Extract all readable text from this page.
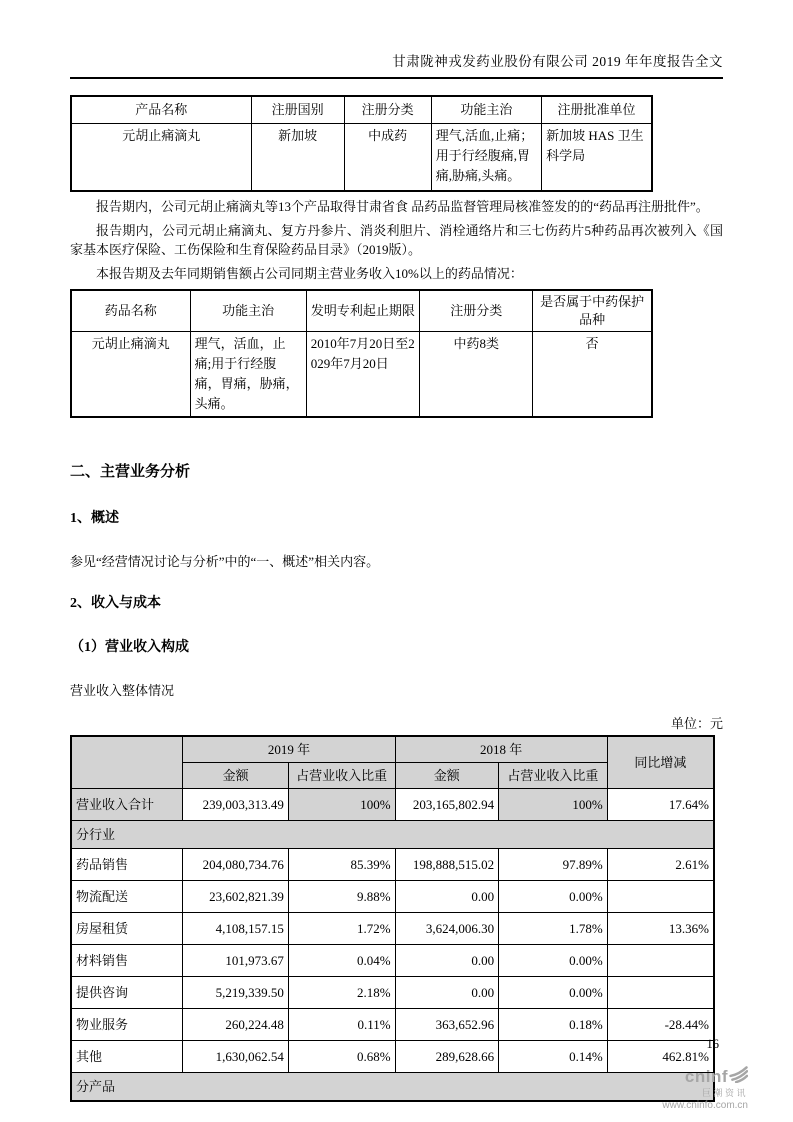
甘肃陇神戎发药业股份有限公司 2019 年年度报告全文
产品名称	注册国别	注册分类	功能主治	注册批准单位
元胡止痛滴丸	新加坡	中成药	理气,活血,止痛；用于行经腹痛,胃痛,胁痛,头痛。	新加坡 HAS 卫生科学局

报告期内，公司元胡止痛滴丸等13个产品取得甘肃省食 品药品监督管理局核准签发的的“药品再注册批件”。

报告期内，公司元胡止痛滴丸、复方丹参片、消炎利胆片、消栓通络片和三七伤药片5种药品再次被列入《国家基本医疗保险、工伤保险和生育保险药品目录》（2019版）。

本报告期及去年同期销售额占公司同期主营业务收入10%以上的药品情况：

药品名称	功能主治	发明专利起止期限	注册分类	是否属于中药保护品种
元胡止痛滴丸	理气，活血，止痛;用于行经腹痛，胃痛，胁痛，头痛。	2010年7月20日至2029年7月20日	中药8类	否
二、主营业务分析
1、概述
参见“经营情况讨论与分析”中的“一、概述”相关内容。
2、收入与成本
（1）营业收入构成
营业收入整体情况
单位：元
	2019 年		2018 年		同比增减
	金额	占营业收入比重	金额	占营业收入比重	
营业收入合计	239,003,313.49	100%	203,165,802.94	100%	17.64%
分行业					
药品销售	204,080,734.76	85.39%	198,888,515.02	97.89%	2.61%
物流配送	23,602,821.39	9.88%	0.00	0.00%	
房屋租赁	4,108,157.15	1.72%	3,624,006.30	1.78%	13.36%
材料销售	101,973.67	0.04%	0.00	0.00%	
提供咨询	5,219,339.50	2.18%	0.00	0.00%	
物业服务	260,224.48	0.11%	363,652.96	0.18%	-28.44%
其他	1,630,062.54	0.68%	289,628.66	0.14%	462.81%
分产品					
16
cninf
巨潮资讯
www.cninfo.com.cn
